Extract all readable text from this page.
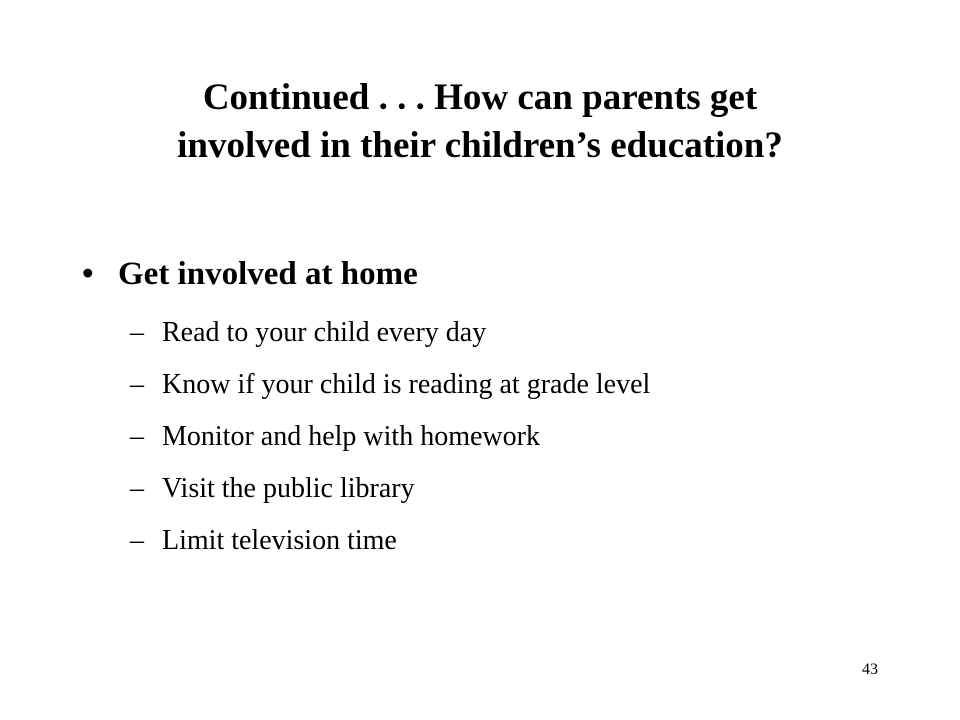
Continued . . . How can parents get
involved in their children’s education?
• Get involved at home
– Read to your child every day
– Know if your child is reading at grade level
– Monitor and help with homework
– Visit the public library
– Limit television time
43
